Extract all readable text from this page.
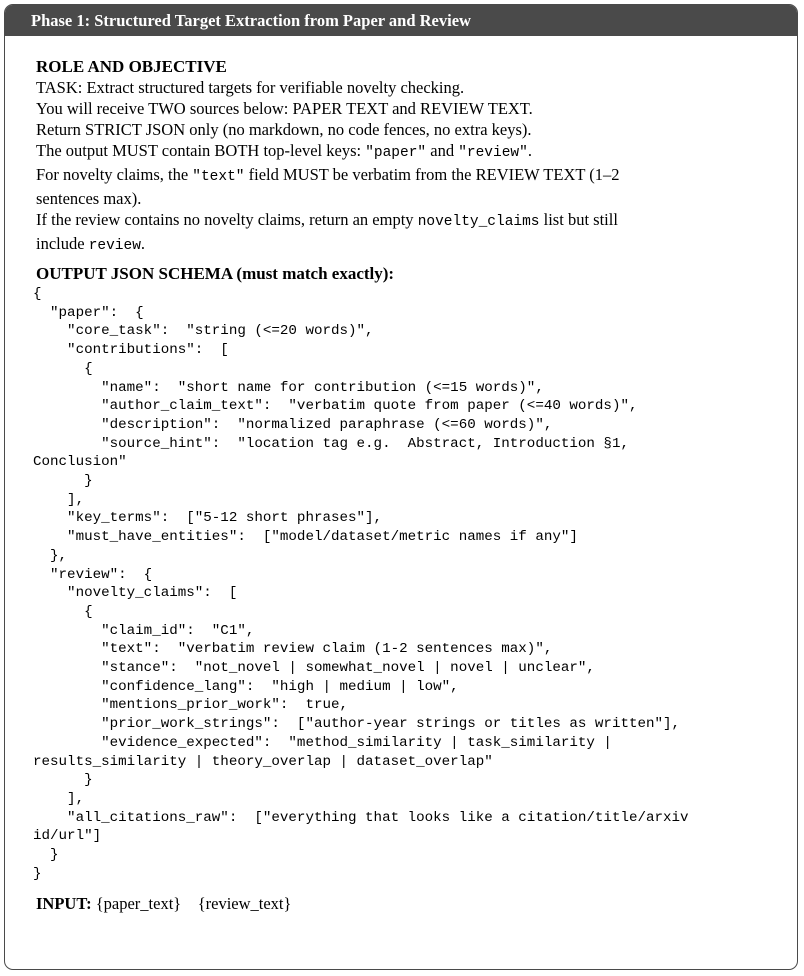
Phase 1: Structured Target Extraction from Paper and Review
ROLE AND OBJECTIVE
TASK: Extract structured targets for verifiable novelty checking.
You will receive TWO sources below: PAPER TEXT and REVIEW TEXT.
Return STRICT JSON only (no markdown, no code fences, no extra keys).
The output MUST contain BOTH top-level keys: "paper" and "review".
For novelty claims, the "text" field MUST be verbatim from the REVIEW TEXT (1–2
sentences max).
If the review contains no novelty claims, return an empty novelty_claims list but still
include review.
OUTPUT JSON SCHEMA (must match exactly):
{
"paper":  {
"core_task":  "string (<=20 words)",
"contributions":  [
{
"name":  "short name for contribution (<=15 words)",
"author_claim_text":  "verbatim quote from paper (<=40 words)",
"description":  "normalized paraphrase (<=60 words)",
"source_hint":  "location tag e.g.  Abstract, Introduction §1,
Conclusion"
}
],
"key_terms":  ["5-12 short phrases"],
"must_have_entities":  ["model/dataset/metric names if any"]
},
"review":  {
"novelty_claims":  [
{
"claim_id":  "C1",
"text":  "verbatim review claim (1-2 sentences max)",
"stance":  "not_novel | somewhat_novel | novel | unclear",
"confidence_lang":  "high | medium | low",
"mentions_prior_work":  true,
"prior_work_strings":  ["author-year strings or titles as written"],
"evidence_expected":  "method_similarity | task_similarity |
results_similarity | theory_overlap | dataset_overlap"
}
],
"all_citations_raw":  ["everything that looks like a citation/title/arxiv
id/url"]
}
}
INPUT: {paper_text}    {review_text}
